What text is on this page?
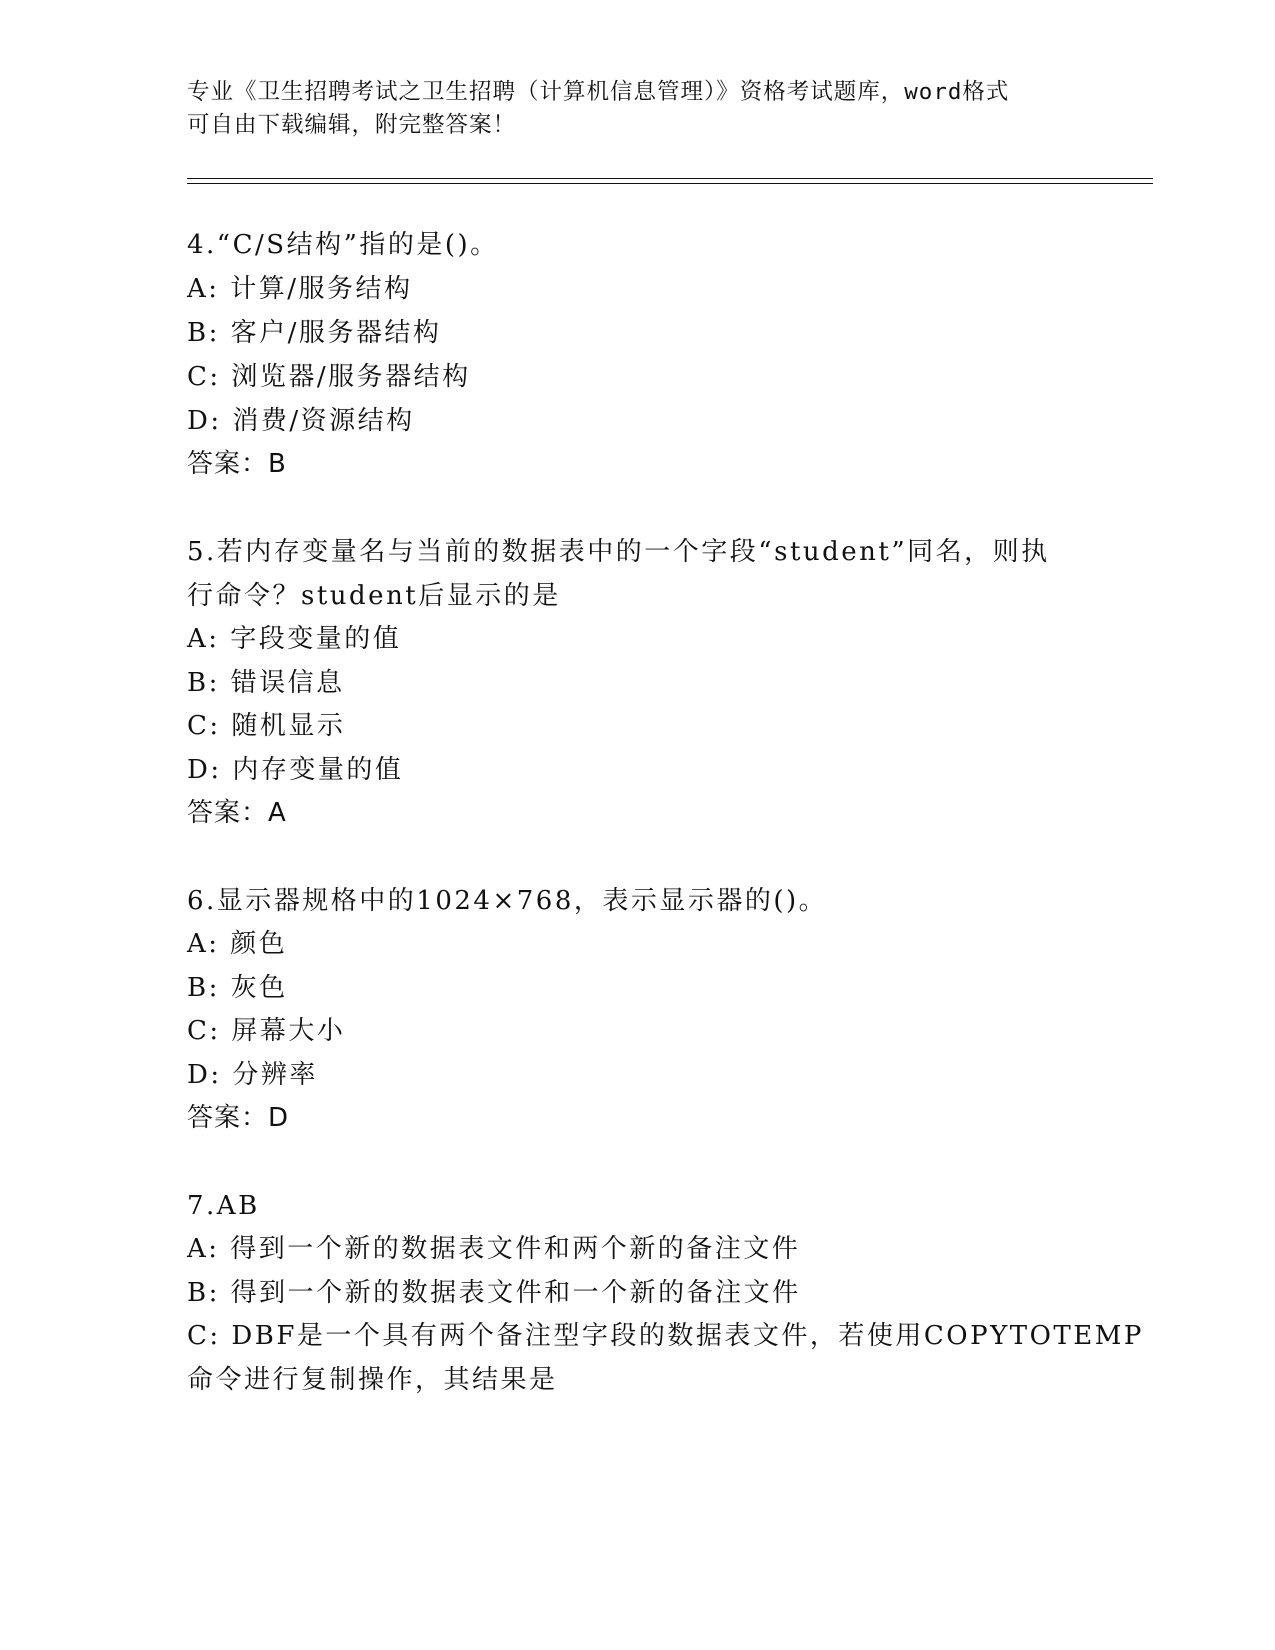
专业《卫生招聘考试之卫生招聘（计算机信息管理）》资格考试题库，word格式
可自由下载编辑，附完整答案！
4.“C/S结构”指的是()。
A: 计算/服务结构
B: 客户/服务器结构
C: 浏览器/服务器结构
D: 消费/资源结构
答案：B
5.若内存变量名与当前的数据表中的一个字段“student”同名，则执
行命令？student后显示的是
A: 字段变量的值
B: 错误信息
C: 随机显示
D: 内存变量的值
答案：A
6.显示器规格中的1024×768，表示显示器的()。
A: 颜色
B: 灰色
C: 屏幕大小
D: 分辨率
答案：D
7.AB
A: 得到一个新的数据表文件和两个新的备注文件
B: 得到一个新的数据表文件和一个新的备注文件
C: DBF是一个具有两个备注型字段的数据表文件，若使用COPYTOTEMP
命令进行复制操作，其结果是
